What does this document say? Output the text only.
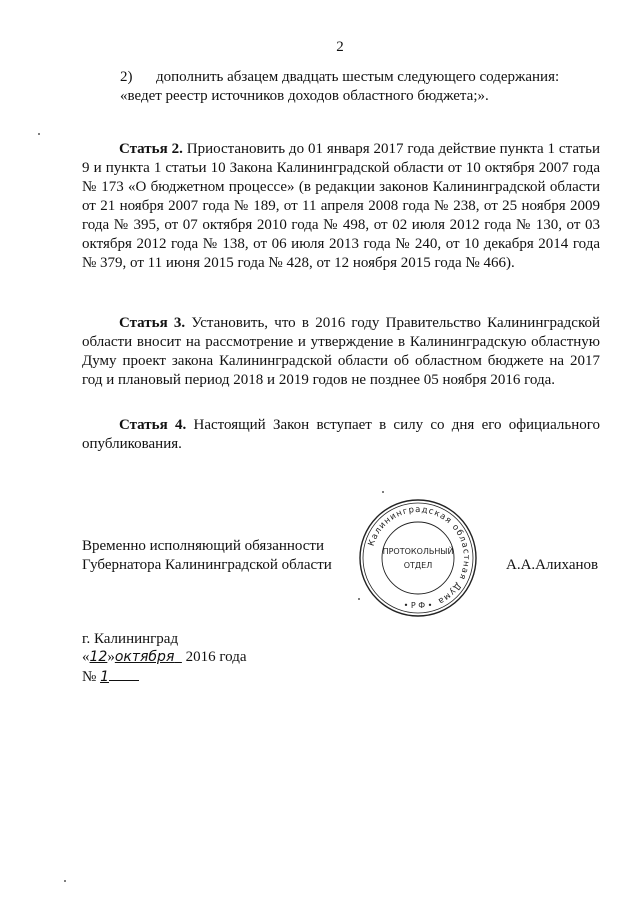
2
2) дополнить абзацем двадцать шестым следующего содержания:
«ведет реестр источников доходов областного бюджета;».

Статья 2. Приостановить до 01 января 2017 года действие пункта 1 статьи 9 и пункта 1 статьи 10 Закона Калининградской области от 10 октября 2007 года № 173 «О бюджетном процессе» (в редакции законов Калининградской области от 21 ноября 2007 года № 189, от 11 апреля 2008 года № 238, от 25 ноября 2009 года № 395, от 07 октября 2010 года № 498, от 02 июля 2012 года № 130, от 03 октября 2012 года № 138, от 06 июля 2013 года № 240, от 10 декабря 2014 года № 379, от 11 июня 2015 года № 428, от 12 ноября 2015 года № 466).

Статья 3. Установить, что в 2016 году Правительство Калининградской области вносит на рассмотрение и утверждение в Калининградскую областную Думу проект закона Калининградской области об областном бюджете на 2017 год и плановый период 2018 и 2019 годов не позднее 05 ноября 2016 года.

Статья 4. Настоящий Закон вступает в силу со дня его официального опубликования.

Временно исполняющий обязанности
Губернатора Калининградской области
Калининградская областная Дума
ПРОТОКОЛЬНЫЙ
ОТДЕЛ
• Р Ф •
А.А.Алиханов
г. Калининград
«12»октября 2016 года
№ 1
